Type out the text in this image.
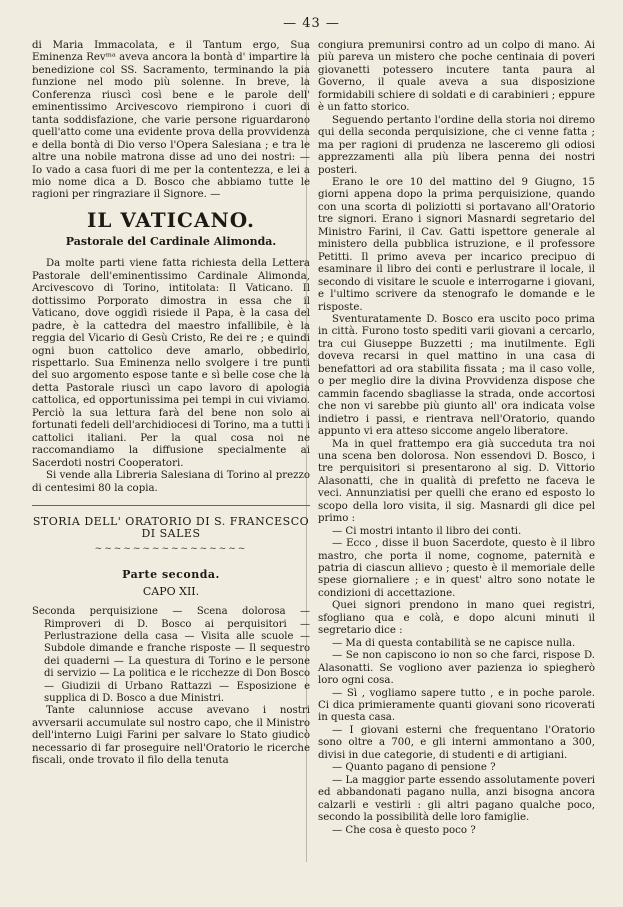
— 43 —

di Maria Immacolata, e il Tantum ergo, Sua Eminenza Revᵐᵃ aveva ancora la bontà d' impartire la benedizione col SS. Sacramento, terminando la pia funzione nel modo più solenne. In breve, la Conferenza riuscì così bene e le parole dell' eminentissimo Arcivescovo riempirono i cuori di tanta soddisfazione, che varie persone riguardarono quell'atto come una evidente prova della provvidenza e della bontà di Dio verso l'Opera Salesiana ; e tra le altre una nobile matrona disse ad uno dei nostri: — Io vado a casa fuori di me per la contentezza, e lei a mio nome dica a D. Bosco che abbiamo tutte le ragioni per ringraziare il Signore. —

IL VATICANO.
Pastorale del Cardinale Alimonda.

Da molte parti viene fatta richiesta della Lettera Pastorale dell'eminentissimo Cardinale Alimonda, Arcivescovo di Torino, intitolata: Il Vaticano. Il dottissimo Porporato dimostra in essa che il Vaticano, dove oggidì risiede il Papa, è la casa del padre, è la cattedra del maestro infallibile, è la reggia del Vicario di Gesù Cristo, Re dei re ; e quindi ogni buon cattolico deve amarlo, obbedirlo, rispettarlo. Sua Eminenza nello svolgere i tre punti del suo argomento espose tante e sì belle cose che la detta Pastorale riuscì un capo lavoro di apologia cattolica, ed opportunissima pei tempi in cui viviamo. Perciò la sua lettura farà del bene non solo ai fortunati fedeli dell'archidiocesi di Torino, ma a tutti i cattolici italiani. Per la qual cosa noi ne raccomandiamo la diffusione specialmente ai Sacerdoti nostri Cooperatori.

Si vende alla Libreria Salesiana di Torino al prezzo di centesimi 80 la copia.

STORIA DELL' ORATORIO DI S. FRANCESCO DI SALES
~~~~~~~~~~~~~~~~
Parte seconda.
CAPO XII.

Seconda perquisizione — Scena dolorosa — Rimproveri di D. Bosco ai perquisitori — Perlustrazione della casa — Visita alle scuole — Subdole dimande e franche risposte — Il sequestro dei quaderni — La questura di Torino e le persone di servizio — La politica e le ricchezze di Don Bosco — Giudizii di Urbano Rattazzi — Esposizione e supplica di D. Bosco a due Ministri.

Tante calunniose accuse avevano i nostri avversarii accumulate sul nostro capo, che il Ministro dell'interno Luigi Farini per salvare lo Stato giudicò necessario di far proseguire nell'Oratorio le ricerche fiscali, onde trovato il filo della tenuta

congiura premunirsi contro ad un colpo di mano. Ai più pareva un mistero che poche centinaia di poveri giovanetti potessero incutere tanta paura al Governo, il quale aveva a sua disposizione formidabili schiere di soldati e di carabinieri ; eppure è un fatto storico.

Seguendo pertanto l'ordine della storia noi diremo qui della seconda perquisizione, che ci venne fatta ; ma per ragioni di prudenza ne lasceremo gli odiosi apprezzamenti alla più libera penna dei nostri posteri.

Erano le ore 10 del mattino del 9 Giugno, 15 giorni appena dopo la prima perquisizione, quando con una scorta di poliziotti si portavano all'Oratorio tre signori. Erano i signori Masnardi segretario del Ministro Farini, il Cav. Gatti ispettore generale al ministero della pubblica istruzione, e il professore Petitti. Il primo aveva per incarico precipuo di esaminare il libro dei conti e perlustrare il locale, il secondo di visitare le scuole e interrogarne i giovani, e l'ultimo scrivere da stenografo le domande e le risposte.

Sventuratamente D. Bosco era uscito poco prima in città. Furono tosto spediti varii giovani a cercarlo, tra cui Giuseppe Buzzetti ; ma inutilmente. Egli doveva recarsi in quel mattino in una casa di benefattori ad ora stabilita fissata ; ma il caso volle, o per meglio dire la divina Provvidenza dispose che cammin facendo sbagliasse la strada, onde accortosi che non vi sarebbe più giunto all' ora indicata volse indietro i passi, e rientrava nell'Oratorio, quando appunto vi era atteso siccome angelo liberatore.

Ma in quel frattempo era già succeduta tra noi una scena ben dolorosa. Non essendovi D. Bosco, i tre perquisitori si presentarono al sig. D. Vittorio Alasonatti, che in qualità di prefetto ne faceva le veci. Annunziatisi per quelli che erano ed esposto lo scopo della loro visita, il sig. Masnardi gli dice pel primo :

— Ci mostri intanto il libro dei conti.

— Ecco , disse il buon Sacerdote, questo è il libro mastro, che porta il nome, cognome, paternità e patria di ciascun allievo ; questo è il memoriale delle spese giornaliere ; e in quest' altro sono notate le condizioni di accettazione.

Quei signori prendono in mano quei registri, sfogliano qua e colà, e dopo alcuni minuti il segretario dice :

— Ma di questa contabilità se ne capisce nulla.

— Se non capiscono io non so che farci, rispose D. Alasonatti. Se vogliono aver pazienza io spiegherò loro ogni cosa.

— Sì , vogliamo sapere tutto , e in poche parole. Ci dica primieramente quanti giovani sono ricoverati in questa casa.

— I giovani esterni che frequentano l'Oratorio sono oltre a 700, e gli interni ammontano a 300, divisi in due categorie, di studenti e di artigiani.

— Quanto pagano di pensione ?

— La maggior parte essendo assolutamente poveri ed abbandonati pagano nulla, anzi bisogna ancora calzarli e vestirli : gli altri pagano qualche poco, secondo la possibilità delle loro famiglie.

— Che cosa è questo poco ?
